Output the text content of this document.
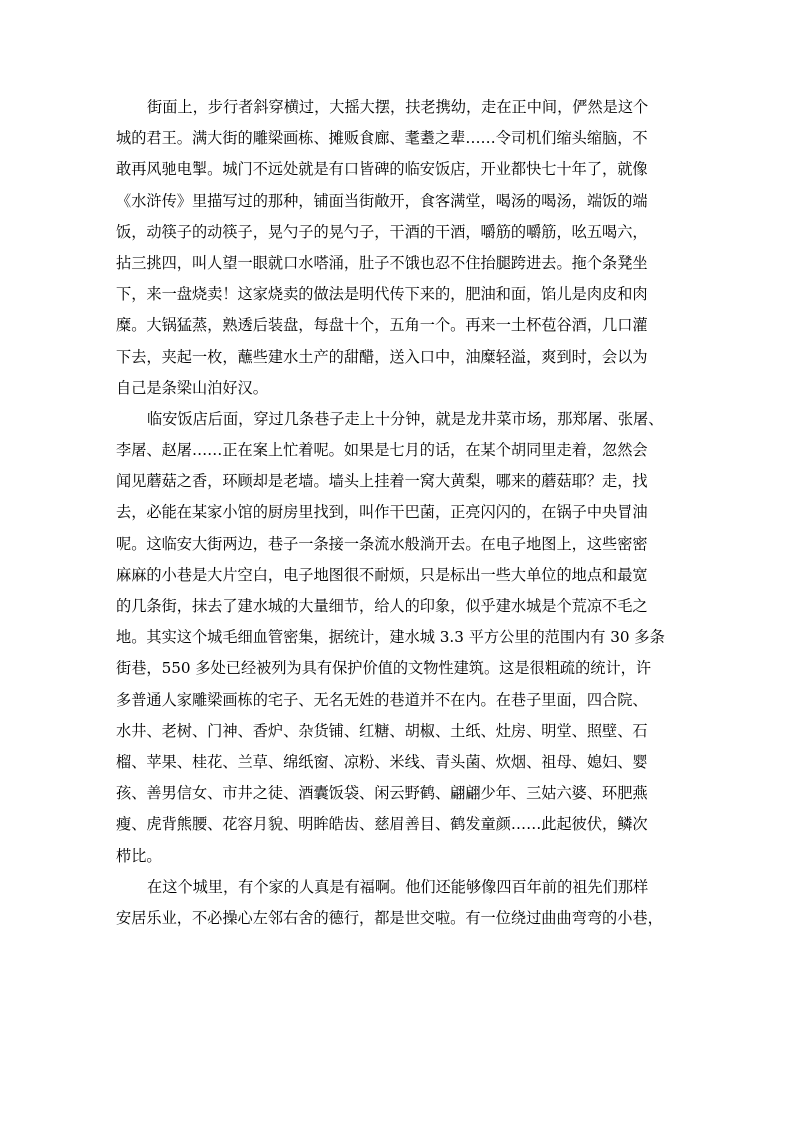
街面上，步行者斜穿横过，大摇大摆，扶老携幼，走在正中间，俨然是这个
城的君王。满大街的雕梁画栋、摊贩食廊、耄耋之辈……令司机们缩头缩脑，不
敢再风驰电掣。城门不远处就是有口皆碑的临安饭店，开业都快七十年了，就像
《水浒传》里描写过的那种，铺面当街敞开，食客满堂，喝汤的喝汤，端饭的端
饭，动筷子的动筷子，晃勺子的晃勺子，干酒的干酒，嚼筋的嚼筋，吆五喝六，
拈三挑四，叫人望一眼就口水嗒涌，肚子不饿也忍不住抬腿跨进去。拖个条凳坐
下，来一盘烧卖！这家烧卖的做法是明代传下来的，肥油和面，馅儿是肉皮和肉
糜。大锅猛蒸，熟透后装盘，每盘十个，五角一个。再来一土杯苞谷酒，几口灌
下去，夹起一枚，蘸些建水土产的甜醋，送入口中，油糜轻溢，爽到时，会以为
自己是条梁山泊好汉。
临安饭店后面，穿过几条巷子走上十分钟，就是龙井菜市场，那郑屠、张屠、
李屠、赵屠……正在案上忙着呢。如果是七月的话，在某个胡同里走着，忽然会
闻见蘑菇之香，环顾却是老墙。墙头上挂着一窝大黄梨，哪来的蘑菇耶？走，找
去，必能在某家小馆的厨房里找到，叫作干巴菌，正亮闪闪的，在锅子中央冒油
呢。这临安大街两边，巷子一条接一条流水般淌开去。在电子地图上，这些密密
麻麻的小巷是大片空白，电子地图很不耐烦，只是标出一些大单位的地点和最宽
的几条街，抹去了建水城的大量细节，给人的印象，似乎建水城是个荒凉不毛之
地。其实这个城毛细血管密集，据统计，建水城 3.3 平方公里的范围内有 30 多条
街巷，550 多处已经被列为具有保护价值的文物性建筑。这是很粗疏的统计，许
多普通人家雕梁画栋的宅子、无名无姓的巷道并不在内。在巷子里面，四合院、
水井、老树、门神、香炉、杂货铺、红糖、胡椒、土纸、灶房、明堂、照壁、石
榴、苹果、桂花、兰草、绵纸窗、凉粉、米线、青头菌、炊烟、祖母、媳妇、婴
孩、善男信女、市井之徒、酒囊饭袋、闲云野鹤、翩翩少年、三姑六婆、环肥燕
瘦、虎背熊腰、花容月貌、明眸皓齿、慈眉善目、鹤发童颜……此起彼伏，鳞次
栉比。
在这个城里，有个家的人真是有福啊。他们还能够像四百年前的祖先们那样
安居乐业，不必操心左邻右舍的德行，都是世交啦。有一位绕过曲曲弯弯的小巷，
